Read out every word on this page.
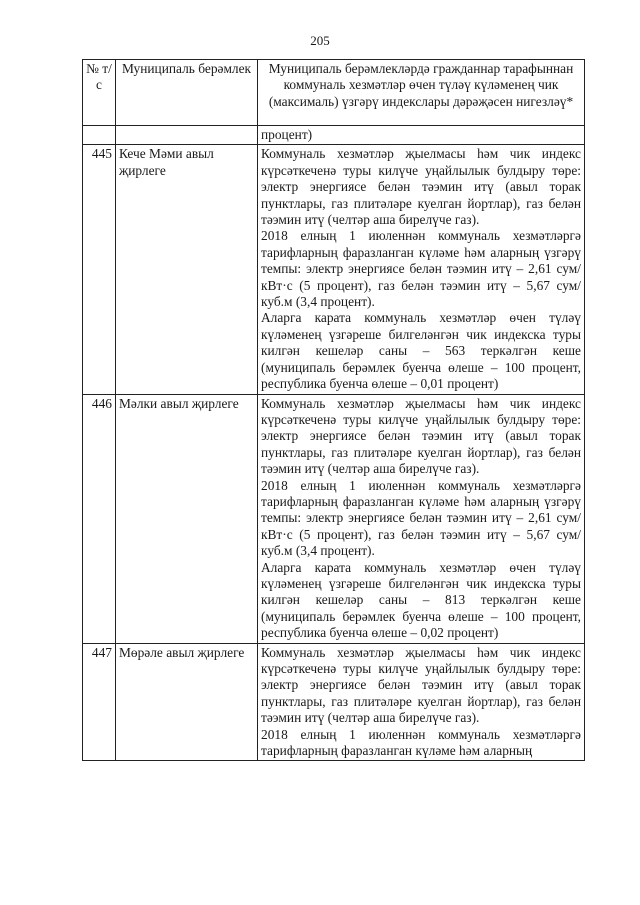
205
№ т/с	Муниципаль берәмлек	Муниципаль берәмлекләрдә гражданнар тарафыннан коммуналь хезмәтләр өчен түләү күләменең чик (максималь) үзгәрү индекслары дәрәҗәсен нигезләү*
		процент)
445	Кече Мәми авыл җирлеге	Коммуналь хезмәтләр җыелмасы һәм чик индекс күрсәткеченә туры килүче уңайлылык булдыру төре: электр энергиясе белән тәэмин итү (авыл торак пунктлары, газ плитәләре куелган йортлар), газ белән тәэмин итү (челтәр аша бирелүче газ).
2018 елның 1 июленнән коммуналь хезмәтләргә тарифларның фаразланган күләме һәм аларның үзгәрү темпы: электр энергиясе белән тәэмин итү – 2,61 сум/кВт·с (5 процент), газ белән тәэмин итү – 5,67 сум/куб.м (3,4 процент).
Аларга карата коммуналь хезмәтләр өчен түләү күләменең үзгәреше билгеләнгән чик индекска туры килгән кешеләр саны – 563 теркәлгән кеше (муниципаль берәмлек буенча өлеше – 100 процент, республика буенча өлеше – 0,01 процент)

446	Мәлки авыл җирлеге	Коммуналь хезмәтләр җыелмасы һәм чик индекс күрсәткеченә туры килүче уңайлылык булдыру төре: электр энергиясе белән тәэмин итү (авыл торак пунктлары, газ плитәләре куелган йортлар), газ белән тәэмин итү (челтәр аша бирелүче газ).
2018 елның 1 июленнән коммуналь хезмәтләргә тарифларның фаразланган күләме һәм аларның үзгәрү темпы: электр энергиясе белән тәэмин итү – 2,61 сум/кВт·с (5 процент), газ белән тәэмин итү – 5,67 сум/куб.м (3,4 процент).
Аларга карата коммуналь хезмәтләр өчен түләү күләменең үзгәреше билгеләнгән чик индекска туры килгән кешеләр саны – 813 теркәлгән кеше (муниципаль берәмлек буенча өлеше – 100 процент, республика буенча өлеше – 0,02 процент)

447	Мөрәле авыл җирлеге	Коммуналь хезмәтләр җыелмасы һәм чик индекс күрсәткеченә туры килүче уңайлылык булдыру төре: электр энергиясе белән тәэмин итү (авыл торак пунктлары, газ плитәләре куелган йортлар), газ белән тәэмин итү (челтәр аша бирелүче газ).
2018 елның 1 июленнән коммуналь хезмәтләргә тарифларның фаразланган күләме һәм аларның
